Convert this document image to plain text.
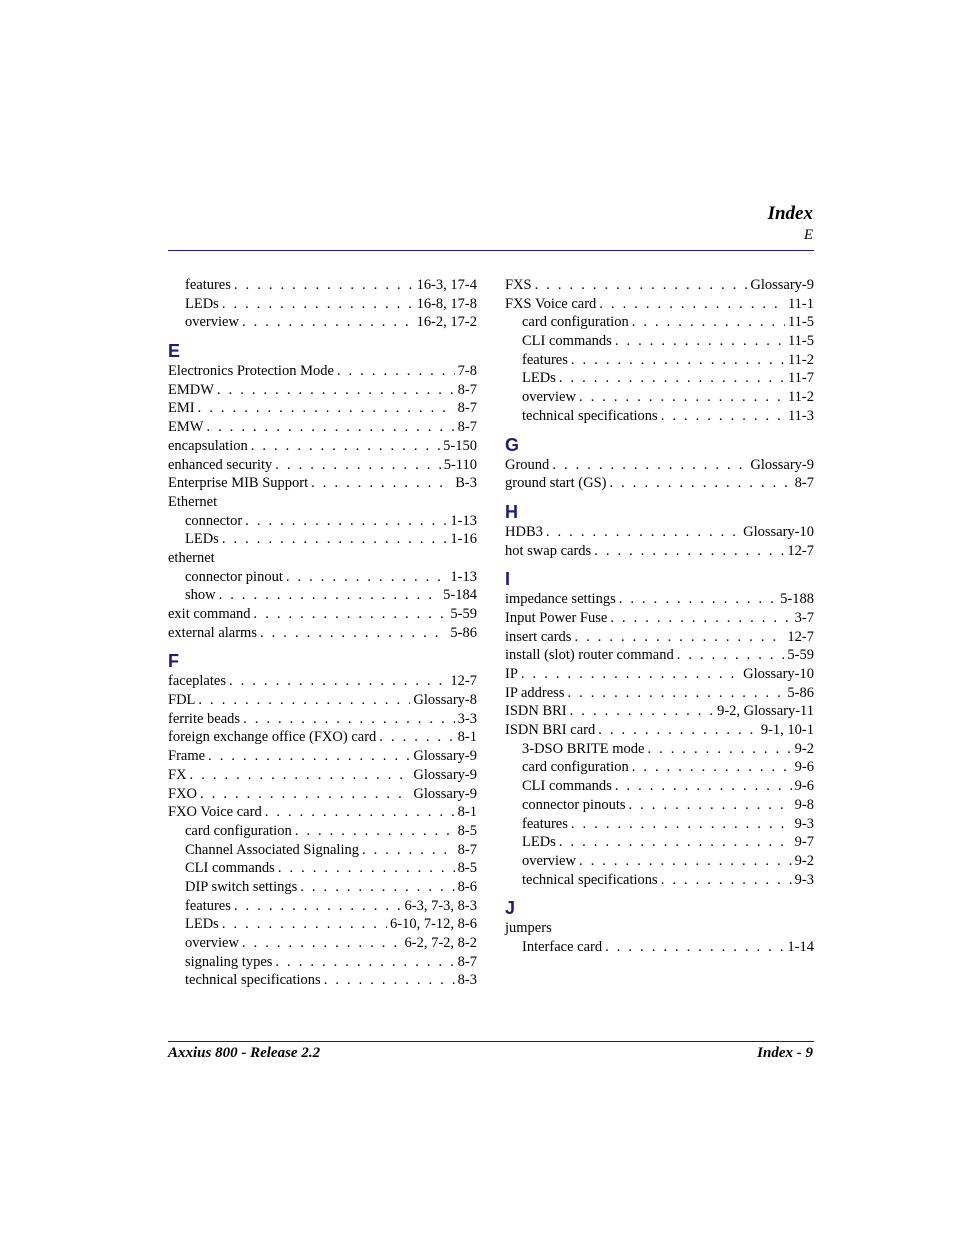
Index
E
features . . .	16-3, 17-4
LEDs . . .	16-8, 17-8
overview . . .	16-2, 17-2
E
Electronics Protection Mode . . .	7-8
EMDW . . .	8-7
EMI . . .	8-7
EMW . . .	8-7
encapsulation . . .	5-150
enhanced security . . .	5-110
Enterprise MIB Support . . .	B-3
Ethernet
connector . . .	1-13
LEDs . . .	1-16
ethernet
connector pinout . . .	1-13
show . . .	5-184
exit command . . .	5-59
external alarms . . .	5-86
F
faceplates . . .	12-7
FDL . . .	Glossary-8
ferrite beads . . .	3-3
foreign exchange office (FXO) card . . .	8-1
Frame . . .	Glossary-9
FX . . .	Glossary-9
FXO . . .	Glossary-9
FXO Voice card . . .	8-1
card configuration . . .	8-5
Channel Associated Signaling . . .	8-7
CLI commands . . .	8-5
DIP switch settings . . .	8-6
features . . .	6-3, 7-3, 8-3
LEDs . . .	6-10, 7-12, 8-6
overview . . .	6-2, 7-2, 8-2
signaling types . . .	8-7
technical specifications . . .	8-3
FXS . . .	Glossary-9
FXS Voice card . . .	11-1
card configuration . . .	11-5
CLI commands . . .	11-5
features . . .	11-2
LEDs . . .	11-7
overview . . .	11-2
technical specifications . . .	11-3
G
Ground . . .	Glossary-9
ground start (GS) . . .	8-7
H
HDB3 . . .	Glossary-10
hot swap cards . . .	12-7
I
impedance settings . . .	5-188
Input Power Fuse . . .	3-7
insert cards . . .	12-7
install (slot) router command . . .	5-59
IP . . .	Glossary-10
IP address . . .	5-86
ISDN BRI . . .	9-2, Glossary-11
ISDN BRI card . . .	9-1, 10-1
3-DSO BRITE mode . . .	9-2
card configuration . . .	9-6
CLI commands . . .	9-6
connector pinouts . . .	9-8
features . . .	9-3
LEDs . . .	9-7
overview . . .	9-2
technical specifications . . .	9-3
J
jumpers
Interface card . . .	1-14
Axxius 800 - Release 2.2	Index - 9
